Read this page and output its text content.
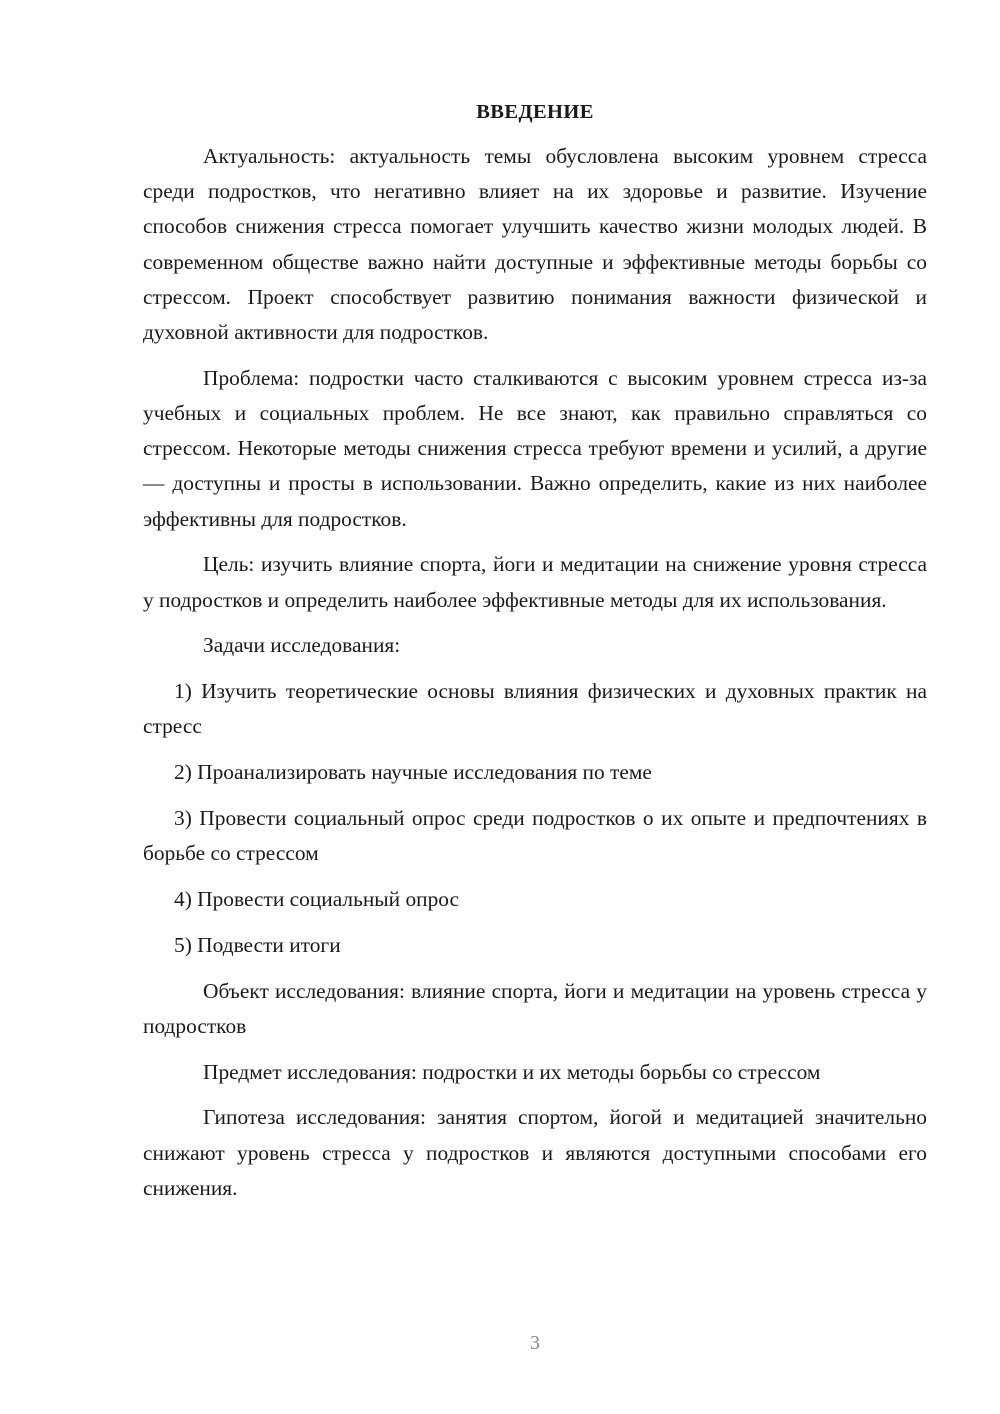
ВВЕДЕНИЕ

Актуальность: актуальность темы обусловлена высоким уровнем стресса среди подростков, что негативно влияет на их здоровье и развитие. Изучение способов снижения стресса помогает улучшить качество жизни молодых людей. В современном обществе важно найти доступные и эффективные методы борьбы со стрессом. Проект способствует развитию понимания важности физической и духовной активности для подростков.

Проблема: подростки часто сталкиваются с высоким уровнем стресса из-за учебных и социальных проблем. Не все знают, как правильно справляться со стрессом. Некоторые методы снижения стресса требуют времени и усилий, а другие — доступны и просты в использовании. Важно определить, какие из них наиболее эффективны для подростков.

Цель: изучить влияние спорта, йоги и медитации на снижение уровня стресса у подростков и определить наиболее эффективные методы для их использования.

Задачи исследования:

1) Изучить теоретические основы влияния физических и духовных практик на стресс

2) Проанализировать научные исследования по теме

3) Провести социальный опрос среди подростков о их опыте и предпочтениях в борьбе со стрессом

4) Провести социальный опрос

5) Подвести итоги

Объект исследования: влияние спорта, йоги и медитации на уровень стресса у подростков

Предмет исследования: подростки и их методы борьбы со стрессом

Гипотеза исследования: занятия спортом, йогой и медитацией значительно снижают уровень стресса у подростков и являются доступными способами его снижения.

3
